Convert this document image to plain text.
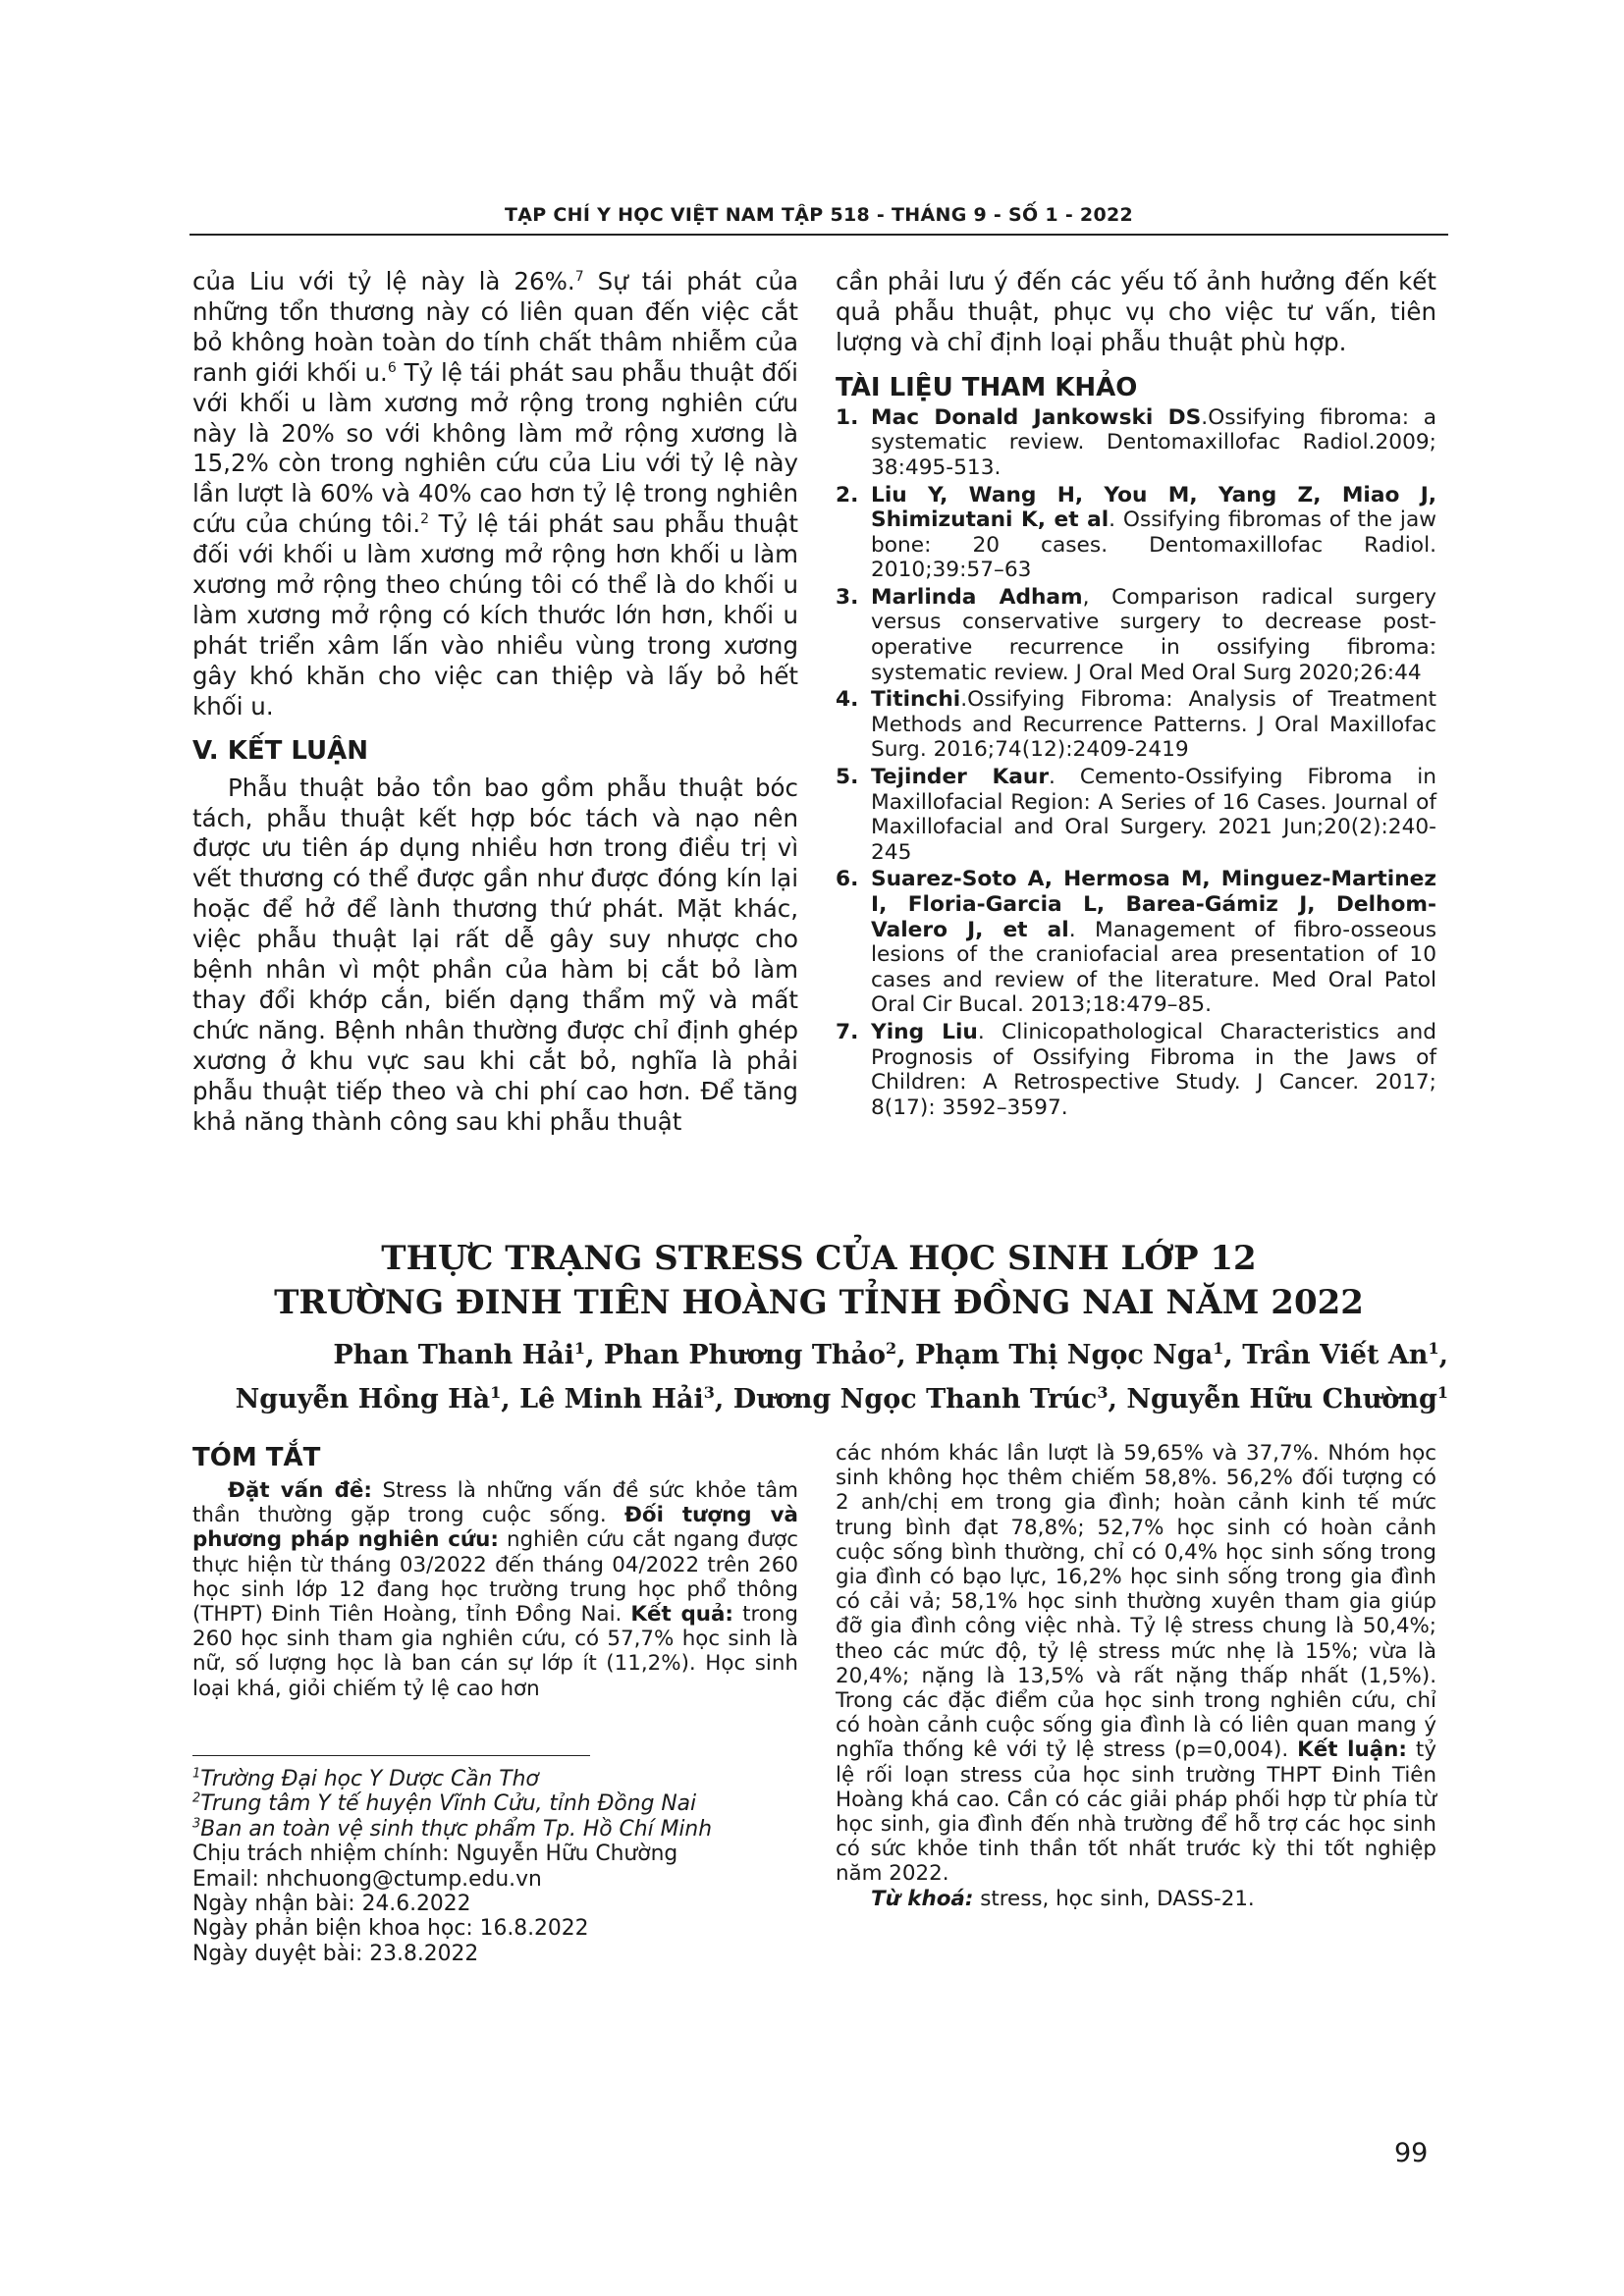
TẠP CHÍ Y HỌC VIỆT NAM TẬP 518 - THÁNG 9 - SỐ 1 - 2022

của Liu với tỷ lệ này là 26%.$^7$ Sự tái phát của những tổn thương này có liên quan đến việc cắt bỏ không hoàn toàn do tính chất thâm nhiễm của ranh giới khối u.$^6$ Tỷ lệ tái phát sau phẫu thuật đối với khối u làm xương mở rộng trong nghiên cứu này là 20% so với không làm mở rộng xương là 15,2% còn trong nghiên cứu của Liu với tỷ lệ này lần lượt là 60% và 40% cao hơn tỷ lệ trong nghiên cứu của chúng tôi.$^2$ Tỷ lệ tái phát sau phẫu thuật đối với khối u làm xương mở rộng hơn khối u làm xương mở rộng theo chúng tôi có thể là do khối u làm xương mở rộng có kích thước lớn hơn, khối u phát triển xâm lấn vào nhiều vùng trong xương gây khó khăn cho việc can thiệp và lấy bỏ hết khối u.

V. KẾT LUẬN

Phẫu thuật bảo tồn bao gồm phẫu thuật bóc tách, phẫu thuật kết hợp bóc tách và nạo nên được ưu tiên áp dụng nhiều hơn trong điều trị vì vết thương có thể được gần như được đóng kín lại hoặc để hở để lành thương thứ phát. Mặt khác, việc phẫu thuật lại rất dễ gây suy nhược cho bệnh nhân vì một phần của hàm bị cắt bỏ làm thay đổi khớp cắn, biến dạng thẩm mỹ và mất chức năng. Bệnh nhân thường được chỉ định ghép xương ở khu vực sau khi cắt bỏ, nghĩa là phải phẫu thuật tiếp theo và chi phí cao hơn. Để tăng khả năng thành công sau khi phẫu thuật

cần phải lưu ý đến các yếu tố ảnh hưởng đến kết quả phẫu thuật, phục vụ cho việc tư vấn, tiên lượng và chỉ định loại phẫu thuật phù hợp.

TÀI LIỆU THAM KHẢO
1. Mac Donald Jankowski DS.Ossifying fibroma: a systematic review. Dentomaxillofac Radiol.2009; 38:495-513.
2. Liu Y, Wang H, You M, Yang Z, Miao J, Shimizutani K, et al. Ossifying fibromas of the jaw bone: 20 cases. Dentomaxillofac Radiol. 2010;39:57–63
3. Marlinda Adham, Comparison radical surgery versus conservative surgery to decrease post-operative recurrence in ossifying fibroma: systematic review. J Oral Med Oral Surg 2020;26:44
4. Titinchi.Ossifying Fibroma: Analysis of Treatment Methods and Recurrence Patterns. J Oral Maxillofac Surg. 2016;74(12):2409-2419
5. Tejinder Kaur. Cemento-Ossifying Fibroma in Maxillofacial Region: A Series of 16 Cases. Journal of Maxillofacial and Oral Surgery. 2021 Jun;20(2):240-245
6. Suarez-Soto A, Hermosa M, Minguez-Martinez I, Floria-Garcia L, Barea-Gámiz J, Delhom-Valero J, et al. Management of fibro-osseous lesions of the craniofacial area presentation of 10 cases and review of the literature. Med Oral Patol Oral Cir Bucal. 2013;18:479–85.
7. Ying Liu. Clinicopathological Characteristics and Prognosis of Ossifying Fibroma in the Jaws of Children: A Retrospective Study. J Cancer. 2017; 8(17): 3592–3597.
THỰC TRẠNG STRESS CỦA HỌC SINH LỚP 12
TRƯỜNG ĐINH TIÊN HOÀNG TỈNH ĐỒNG NAI NĂM 2022
Phan Thanh Hải$^1$, Phan Phương Thảo$^2$, Phạm Thị Ngọc Nga$^1$, Trần Viết An$^1$,
Nguyễn Hồng $Hà^1$, Lê Minh Hải$^3$, Dương Ngọc Thanh Trúc$^3$, Nguyễn Hữu Chường$^1$
TÓM TẮT

Đặt vấn đề: Stress là những vấn đề sức khỏe tâm thần thường gặp trong cuộc sống. Đối tượng và phương pháp nghiên cứu: nghiên cứu cắt ngang được thực hiện từ tháng 03/2022 đến tháng 04/2022 trên 260 học sinh lớp 12 đang học trường trung học phổ thông (THPT) Đinh Tiên Hoàng, tỉnh Đồng Nai. Kết quả: trong 260 học sinh tham gia nghiên cứu, có 57,7% học sinh là nữ, số lượng học là ban cán sự lớp ít (11,2%). Học sinh loại khá, giỏi chiếm tỷ lệ cao hơn

$^1$Trường Đại học Y Dược Cần Thơ

$^2$Trung tâm Y tế huyện Vĩnh Cửu, tỉnh Đồng Nai

$^3$Ban an toàn vệ sinh thực phẩm Tp. Hồ Chí Minh

Chịu trách nhiệm chính: Nguyễn Hữu Chường

Email: nhchuong@ctump.edu.vn

Ngày nhận bài: 24.6.2022

Ngày phản biện khoa học: 16.8.2022

Ngày duyệt bài: 23.8.2022

các nhóm khác lần lượt là 59,65% và 37,7%. Nhóm học sinh không học thêm chiếm 58,8%. 56,2% đối tượng có 2 anh/chị em trong gia đình; hoàn cảnh kinh tế mức trung bình đạt 78,8%; 52,7% học sinh có hoàn cảnh cuộc sống bình thường, chỉ có 0,4% học sinh sống trong gia đình có bạo lực, 16,2% học sinh sống trong gia đình có cải vả; 58,1% học sinh thường xuyên tham gia giúp đỡ gia đình công việc nhà. Tỷ lệ stress chung là 50,4%; theo các mức độ, tỷ lệ stress mức nhẹ là 15%; vừa là 20,4%; nặng là 13,5% và rất nặng thấp nhất (1,5%). Trong các đặc điểm của học sinh trong nghiên cứu, chỉ có hoàn cảnh cuộc sống gia đình là có liên quan mang ý nghĩa thống kê với tỷ lệ stress (p=0,004). Kết luận: tỷ lệ rối loạn stress của học sinh trường THPT Đinh Tiên Hoàng khá cao. Cần có các giải pháp phối hợp từ phía từ học sinh, gia đình đến nhà trường để hỗ trợ các học sinh có sức khỏe tinh thần tốt nhất trước kỳ thi tốt nghiệp năm 2022.

Từ khoá: stress, học sinh, DASS-21.

99
